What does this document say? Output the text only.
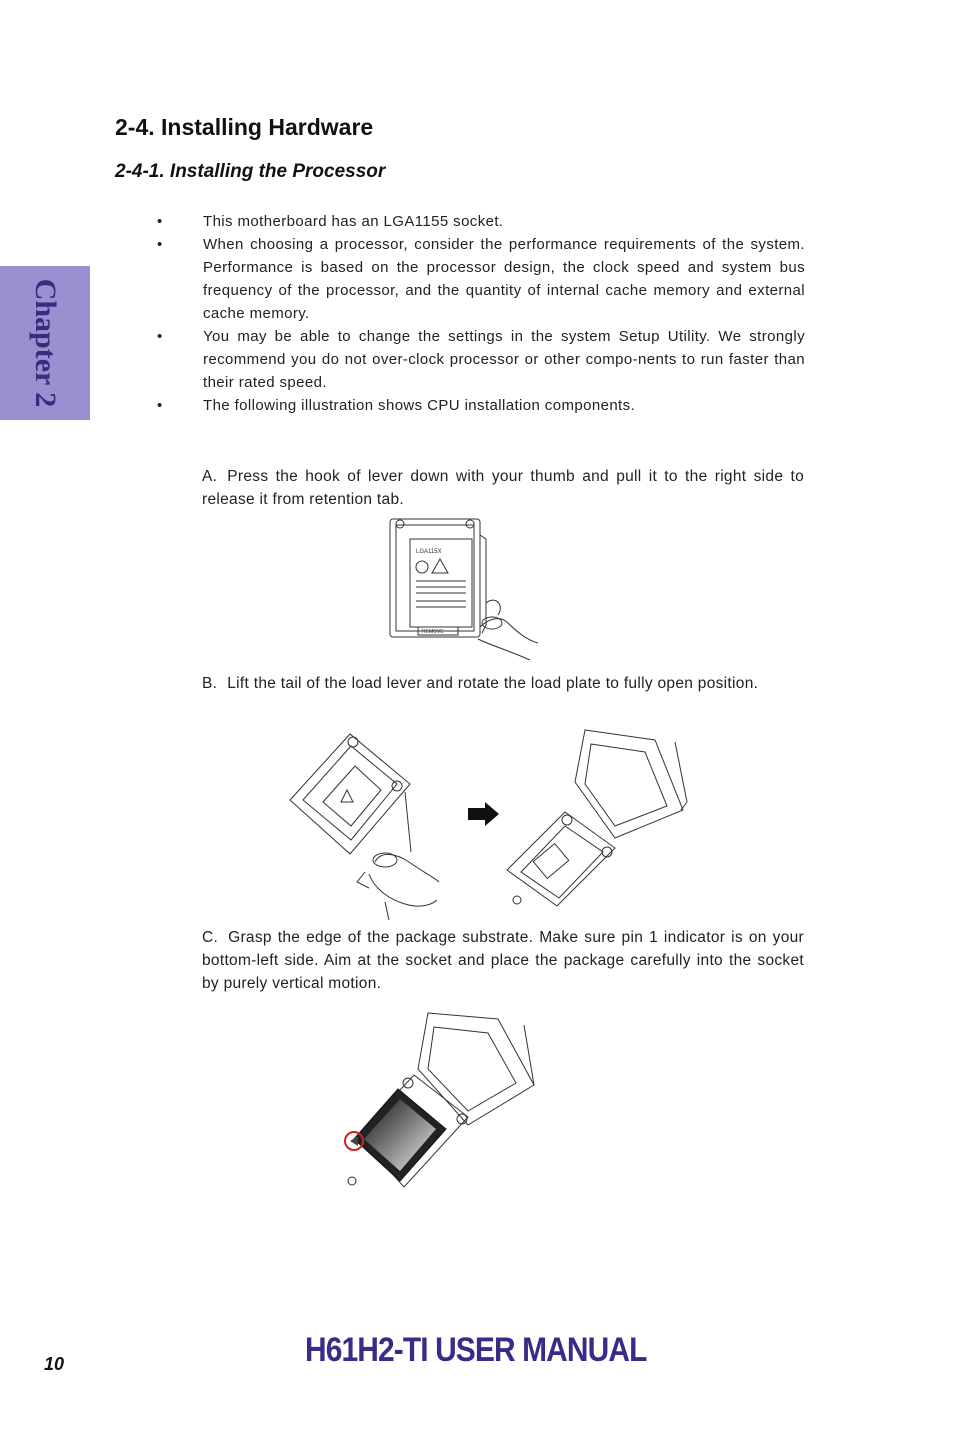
Chapter 2
2-4. Installing Hardware
2-4-1. Installing the Processor
•	This motherboard has an LGA1155 socket.
•	When choosing a processor, consider the performance requirements of the system. Performance is based on the processor design, the clock speed and system bus frequency of the processor, and the quantity of internal cache memory and external cache memory.
•	You may be able to change the settings in the system Setup Utility. We strongly recommend you do not over-clock processor or other compo-nents to run faster than their rated speed.
•	The following illustration shows CPU installation components.

A. Press the hook of lever down with your thumb and pull it to the right side to release it from retention tab.

LGA115X
REMOVE

B. Lift the tail of the load lever and rotate the load plate to fully open position.

C. Grasp the edge of the package substrate. Make sure pin 1 indicator is on your bottom-left side. Aim at the socket and place the package carefully into the socket by purely vertical motion.

10	H61H2-TI USER MANUAL
